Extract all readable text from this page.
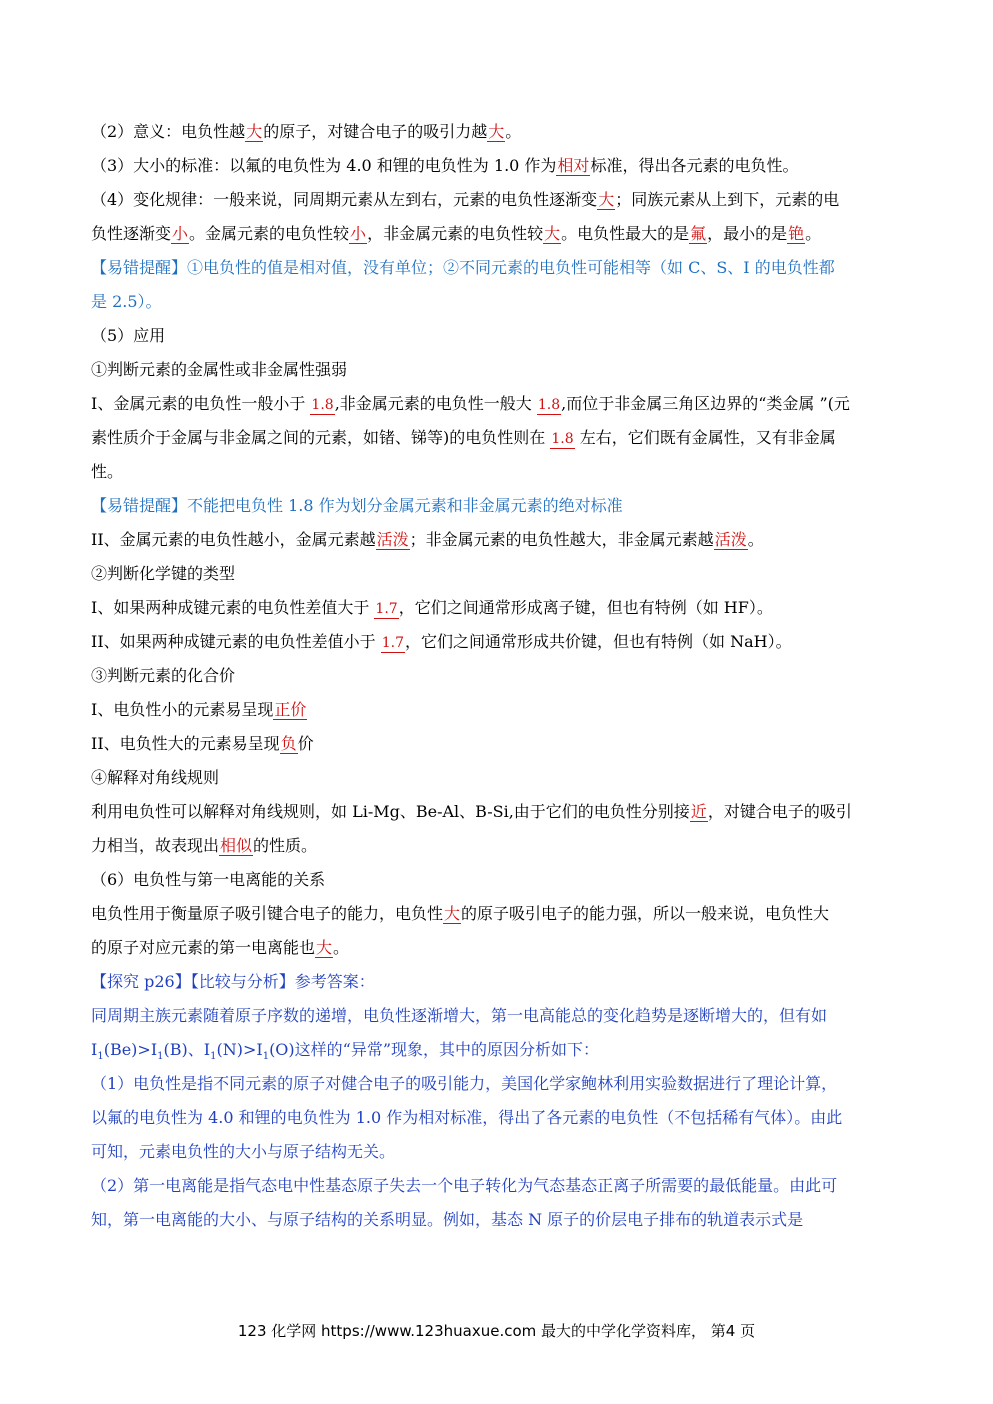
（2）意义：电负性越大的原子，对键合电子的吸引力越大。
（3）大小的标准：以氟的电负性为 4.0 和锂的电负性为 1.0 作为相对标准，得出各元素的电负性。
（4）变化规律：一般来说，同周期元素从左到右，元素的电负性逐渐变大；同族元素从上到下，元素的电
负性逐渐变小。金属元素的电负性较小，非金属元素的电负性较大。电负性最大的是氟，最小的是铯。
【易错提醒】①电负性的值是相对值，没有单位；②不同元素的电负性可能相等（如 C、S、I 的电负性都
是 2.5）。
（5）应用
①判断元素的金属性或非金属性强弱
I、金属元素的电负性一般小于 1.8,非金属元素的电负性一般大 1.8,而位于非金属三角区边界的“类金属 ”(元
素性质介于金属与非金属之间的元素，如锗、锑等)的电负性则在 1.8 左右，它们既有金属性，又有非金属
性。
【易错提醒】不能把电负性 1.8 作为划分金属元素和非金属元素的绝对标准
II、金属元素的电负性越小，金属元素越活泼；非金属元素的电负性越大，非金属元素越活泼。
②判断化学键的类型
I、如果两种成键元素的电负性差值大于 1.7，它们之间通常形成离子键，但也有特例（如 HF）。
II、如果两种成键元素的电负性差值小于 1.7，它们之间通常形成共价键，但也有特例（如 NaH）。
③判断元素的化合价
I、电负性小的元素易呈现正价
II、电负性大的元素易呈现负价
④解释对角线规则
利用电负性可以解释对角线规则，如 Li-Mg、Be-Al、B-Si,由于它们的电负性分别接近，对键合电子的吸引
力相当，故表现出相似的性质。
（6）电负性与第一电离能的关系
电负性用于衡量原子吸引键合电子的能力，电负性大的原子吸引电子的能力强，所以一般来说，电负性大
的原子对应元素的第一电离能也大。
【探究 p26】【比较与分析】参考答案：
同周期主族元素随着原子序数的递增，电负性逐渐增大，第一电高能总的变化趋势是逐断增大的，但有如
$I_1(Be)>I_1(B)$、$I_1(N)>I_1(O)$这样的“异常”现象，其中的原因分析如下：
（1）电负性是指不同元素的原子对健合电子的吸引能力，美国化学家鲍林利用实验数据进行了理论计算，
以氟的电负性为 4.0 和锂的电负性为 1.0 作为相对标准，得出了各元素的电负性（不包括稀有气体）。由此
可知，元素电负性的大小与原子结构无关。
（2）第一电离能是指气态电中性基态原子失去一个电子转化为气态基态正离子所需要的最低能量。由此可
知，第一电离能的大小、与原子结构的关系明显。例如，基态 N 原子的价层电子排布的轨道表示式是
123 化学网 https://www.123huaxue.com 最大的中学化学资料库， 第4 页
